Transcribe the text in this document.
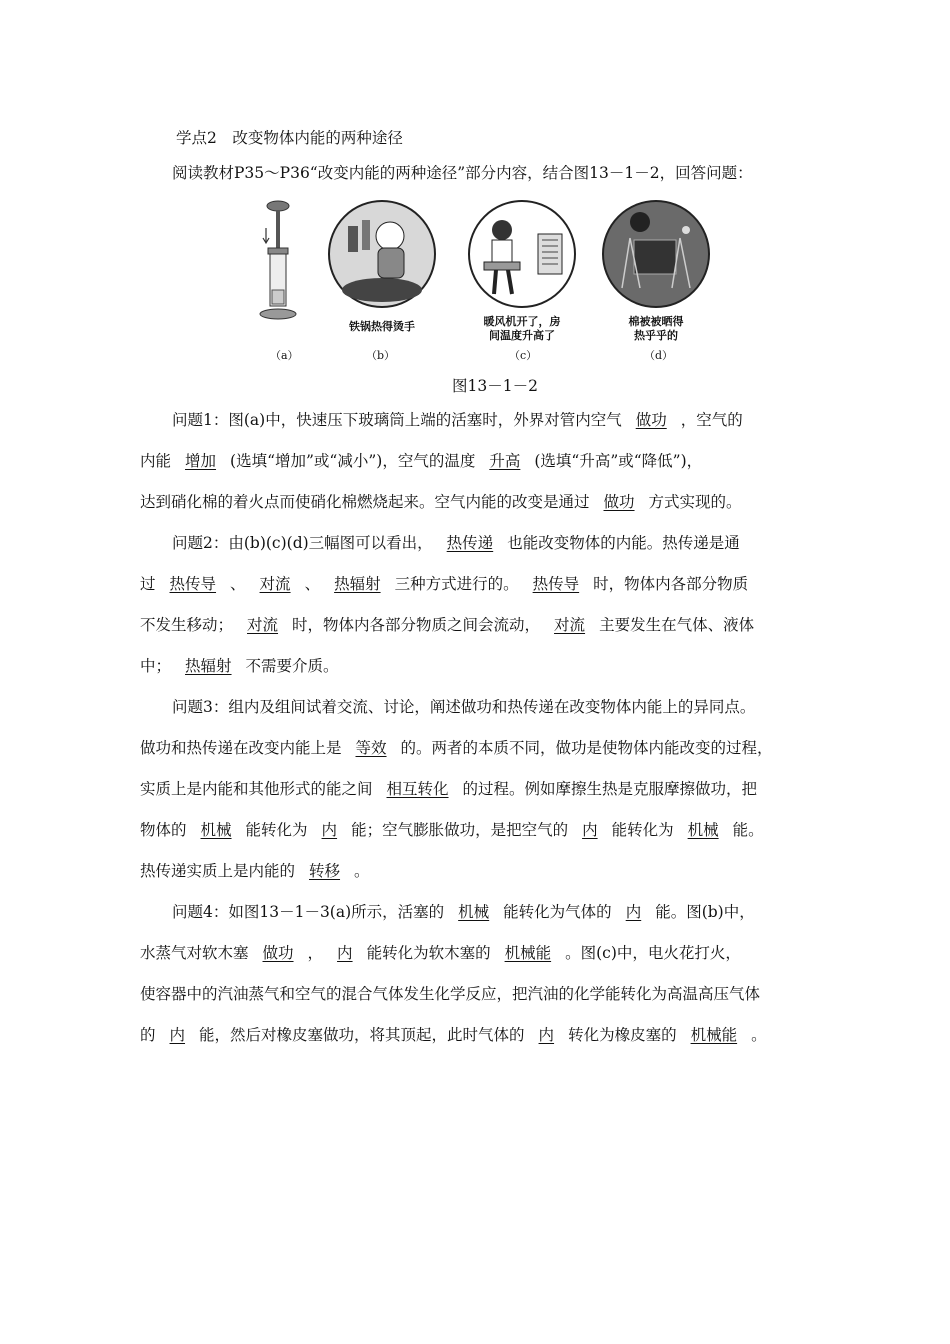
学点2　改变物体内能的两种途径
阅读教材P35～P36“改变内能的两种途径”部分内容，结合图13－1－2，回答问题：
（a）	（b）	（c）	（d）
铁锅热得烫手	暖风机开了，房
间温度升高了
棉被被晒得
热乎乎的
图13－1－2
问题1：图(a)中，快速压下玻璃筒上端的活塞时，外界对管内空气 做功 ，空气的
内能 增加 (选填“增加”或“减小”)，空气的温度 升高 (选填“升高”或“降低”)，
达到硝化棉的着火点而使硝化棉燃烧起来。空气内能的改变是通过 做功 方式实现的。
问题2：由(b)(c)(d)三幅图可以看出， 热传递 也能改变物体的内能。热传递是通
过 热传导 、 对流 、 热辐射 三种方式进行的。 热传导 时，物体内各部分物质
不发生移动； 对流 时，物体内各部分物质之间会流动， 对流 主要发生在气体、液体
中； 热辐射 不需要介质。
问题3：组内及组间试着交流、讨论，阐述做功和热传递在改变物体内能上的异同点。
做功和热传递在改变内能上是 等效 的。两者的本质不同，做功是使物体内能改变的过程，
实质上是内能和其他形式的能之间 相互转化 的过程。例如摩擦生热是克服摩擦做功，把
物体的 机械 能转化为 内 能；空气膨胀做功，是把空气的 内 能转化为 机械 能。
热传递实质上是内能的 转移 。
问题4：如图13－1－3(a)所示，活塞的 机械 能转化为气体的 内 能。图(b)中，
水蒸气对软木塞 做功 ， 内 能转化为软木塞的 机械能 。图(c)中，电火花打火，
使容器中的汽油蒸气和空气的混合气体发生化学反应，把汽油的化学能转化为高温高压气体
的 内 能，然后对橡皮塞做功，将其顶起，此时气体的 内 转化为橡皮塞的 机械能 。
